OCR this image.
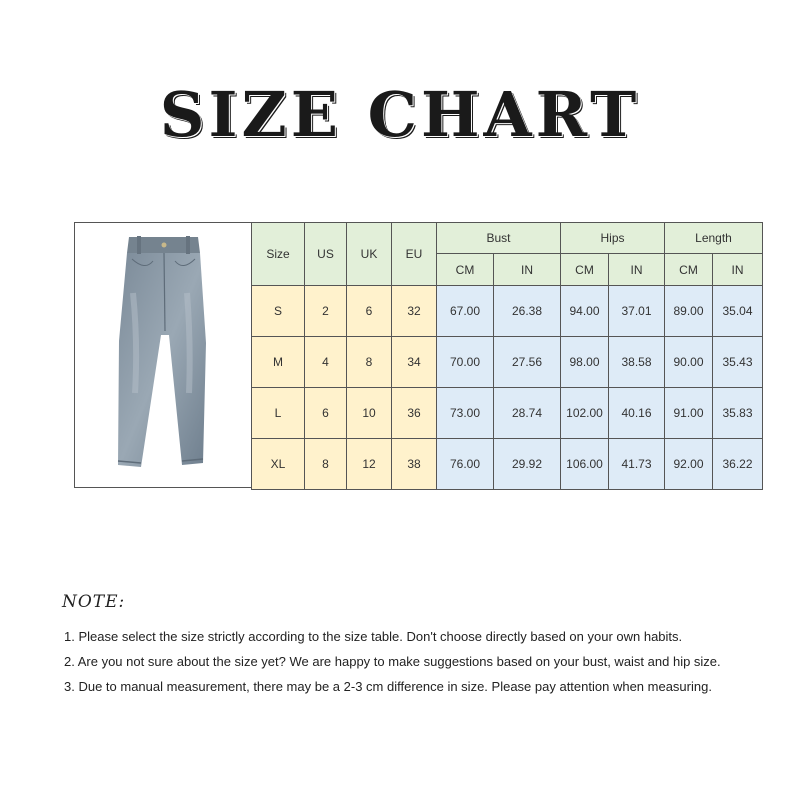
SIZE CHART
Size	US	UK	EU	Bust		Hips		Length	
				CM	IN	CM	IN	CM	IN
S	2	6	32	67.00	26.38	94.00	37.01	89.00	35.04
M	4	8	34	70.00	27.56	98.00	38.58	90.00	35.43
L	6	10	36	73.00	28.74	102.00	40.16	91.00	35.83
XL	8	12	38	76.00	29.92	106.00	41.73	92.00	36.22
NOTE:
1. Please select the size strictly according to the size table. Don't choose directly based on your own habits.
2. Are you not sure about the size yet? We are happy to make suggestions based on your bust, waist and hip size.
3. Due to manual measurement, there may be a 2-3 cm difference in size. Please pay attention when measuring.
